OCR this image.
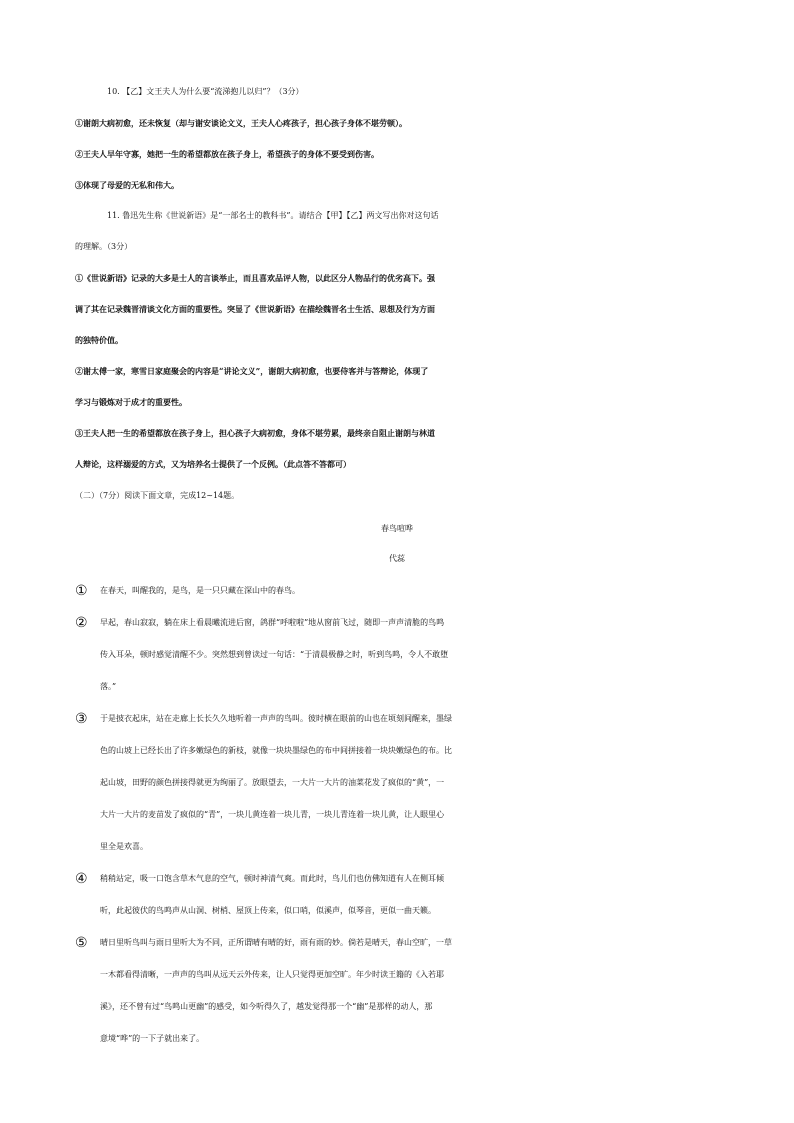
10. 【乙】文王夫人为什么要“流涕抱儿以归”？（3分）
①谢朗大病初愈，还未恢复（却与谢安谈论文义，王夫人心疼孩子，担心孩子身体不堪劳顿）。
②王夫人早年守寡，她把一生的希望都放在孩子身上，希望孩子的身体不要受到伤害。
③体现了母爱的无私和伟大。
11. 鲁迅先生称《世说新语》是“一部名士的教科书”。请结合【甲】【乙】两文写出你对这句话
的理解。（3分）
①《世说新语》记录的大多是士人的言谈举止，而且喜欢品评人物，以此区分人物品行的优劣高下。强
调了其在记录魏晋清谈文化方面的重要性。突显了《世说新语》在描绘魏晋名士生活、思想及行为方面
的独特价值。
②谢太傅一家，寒雪日家庭聚会的内容是“讲论文义”，谢朗大病初愈，也要侍客并与答辩论，体现了
学习与锻炼对于成才的重要性。
③王夫人把一生的希望都放在孩子身上，担心孩子大病初愈，身体不堪劳累，最终亲自阻止谢朗与林道
人辩论，这样溺爱的方式，又为培养名士提供了一个反例。（此点答不答都可）
（二）（7分）阅读下面文章，完成12~14题。
春鸟喧哗
代蕊
① 在春天，叫醒我的，是鸟，是一只只藏在深山中的春鸟。
② 早起，春山寂寂，躺在床上看晨曦流进后窗，鸽群“呼啦啦”地从窗前飞过，随即一声声清脆的鸟鸣
传入耳朵，顿时感觉清醒不少。突然想到曾读过一句话：“于清晨极静之时，听到鸟鸣，令人不敢堕
落。”
③ 于是披衣起床，站在走廊上长长久久地听着一声声的鸟叫。彼时横在眼前的山也在顷刻间醒来，墨绿
色的山坡上已经长出了许多嫩绿色的新枝，就像一块块墨绿色的布中间拼接着一块块嫩绿色的布。比
起山坡，田野的颜色拼接得就更为绚丽了。放眼望去，一大片一大片的油菜花发了疯似的“黄”，一
大片一大片的麦苗发了疯似的“青”，一块儿黄连着一块儿青，一块儿青连着一块儿黄，让人眼里心
里全是欢喜。
④ 稍稍站定，吸一口饱含草木气息的空气，顿时神清气爽。而此时，鸟儿们也仿佛知道有人在侧耳倾
听，此起彼伏的鸟鸣声从山洞、树梢、屋顶上传来，似口哨，似溪声，似琴音，更似一曲天籁。
⑤ 晴日里听鸟叫与雨日里听大为不同，正所谓晴有晴的好，雨有雨的妙。倘若是晴天，春山空旷，一草
一木都看得清晰，一声声的鸟叫从远天云外传来，让人只觉得更加空旷。年少时读王籍的《入若耶
溪》，还不曾有过“鸟鸣山更幽”的感受，如今听得久了，越发觉得那一个“幽”是那样的动人，那
意境“哗”的一下子就出来了。
